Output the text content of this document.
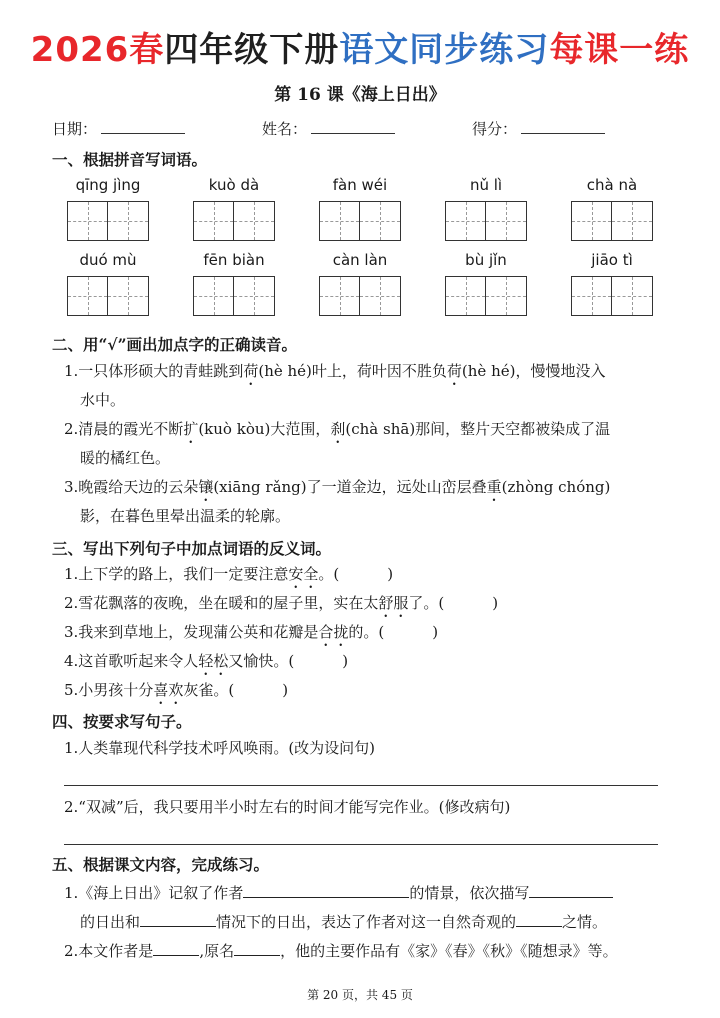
2026春四年级下册语文同步练习每课一练
第 16 课《海上日出》
日期：	姓名：	得分：
一、根据拼音写词语。
qīng jìng	kuò dà	fàn wéi	nǔ lì	chà nà
duó mù	fēn biàn	càn làn	bù jǐn	jiāo tì
二、用“√”画出加点字的正确读音。
1.一只体形硕大的青蛙跳到荷(hè hé)叶上，荷叶因不胜负荷(hè hé)，慢慢地没入
水中。
2.清晨的霞光不断扩(kuò kòu)大范围，刹(chà shā)那间，整片天空都被染成了温
暖的橘红色。
3.晚霞给天边的云朵镶(xiāng rǎng)了一道金边，远处山峦层叠重(zhòng chóng)
影，在暮色里晕出温柔的轮廓。
三、写出下列句子中加点词语的反义词。
1.上下学的路上，我们一定要注意安全。(	)
2.雪花飘落的夜晚，坐在暖和的屋子里，实在太舒服了。(	)
3.我来到草地上，发现蒲公英和花瓣是合拢的。(	)
4.这首歌听起来令人轻松又愉快。(	)
5.小男孩十分喜欢灰雀。(	)
四、按要求写句子。
1.人类靠现代科学技术呼风唤雨。(改为设问句)
2.“双减”后，我只要用半小时左右的时间才能写完作业。(修改病句)
五、根据课文内容，完成练习。
1.《海上日出》记叙了作者	的情景，依次描写
的日出和	情况下的日出，表达了作者对这一自然奇观的	之情。
2.本文作者是	,原名	，他的主要作品有《家》《春》《秋》《随想录》等。
第 20 页，共 45 页
